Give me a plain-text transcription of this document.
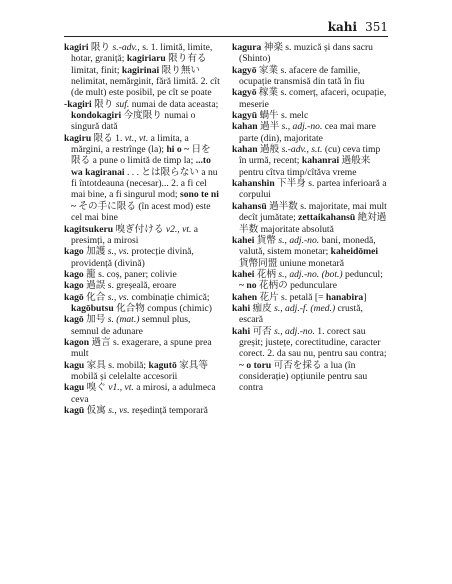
kahi 351

kagiri 限り s.-adv., s. 1. limită, limite, hotar, graniță; kagiriaru 限り有る limitat, finit; kagirinai 限り無い nelimitat, nemărginit, fără limită. 2. cît (de mult) este posibil, pe cît se poate

-kagiri 限り suf. numai de data aceasta; kondokagiri 今度限り numai o singură dată

kagiru 限る 1. vt., vt. a limita, a mărgini, a restrînge (la); hi o ~ 日を限る a pune o limită de timp la; ...to wa kagiranai . . . とは限らない a nu fi întotdeauna (necesar)... 2. a fi cel mai bine, a fi singurul mod; sono te ni ~ その手に限る (în acest mod) este cel mai bine

kagitsukeru 嗅ぎ付ける v2., vt. a presimți, a mirosi

kago 加護 s., vs. protecție divină, providență (divină)

kago 籠 s. coș, paner; colivie

kago 過誤 s. greșeală, eroare

kagō 化合 s., vs. combinație chimică; kagōbutsu 化合物 compus (chimic)

kagō 加号 s. (mat.) semnul plus, semnul de adunare

kagon 過言 s. exagerare, a spune prea mult

kagu 家具 s. mobilă; kagutō 家具等 mobilă și celelalte accesorii

kagu 嗅ぐ v1., vt. a mirosi, a adulmeca ceva

kagū 仮寓 s., vs. reședință temporară

kagura 神楽 s. muzică și dans sacru (Shinto)

kagyō 家業 s. afacere de familie, ocupație transmisă din tată în fiu

kagyō 稼業 s. comerț, afaceri, ocupație, meserie

kagyū 蝸牛 s. melc

kahan 過半 s., adj.-no. cea mai mare parte (din), majoritate

kahan 過般 s.-adv., s.t. (cu) ceva timp în urmă, recent; kahanrai 過般来 pentru cîtva timp/cîtăva vreme

kahanshin 下半身 s. partea inferioară a corpului

kahansū 過半数 s. majoritate, mai mult decît jumătate; zettaikahansū 絶対過半数 majoritate absolută

kahei 貨幣 s., adj.-no. bani, monedă, valută, sistem monetar; kaheidōmei 貨幣同盟 uniune monetară

kahei 花柄 s., adj.-no. (bot.) peduncul; ~ no 花柄の pedunculare

kahen 花片 s. petală [= hanabira]

kahi 痂皮 s., adj.-f. (med.) crustă, escară

kahi 可否 s., adj.-no. 1. corect sau greșit; justețe, corectitudine, caracter corect. 2. da sau nu, pentru sau contra; ~ o toru 可否を採る a lua (în considerație) opțiunile pentru sau contra
